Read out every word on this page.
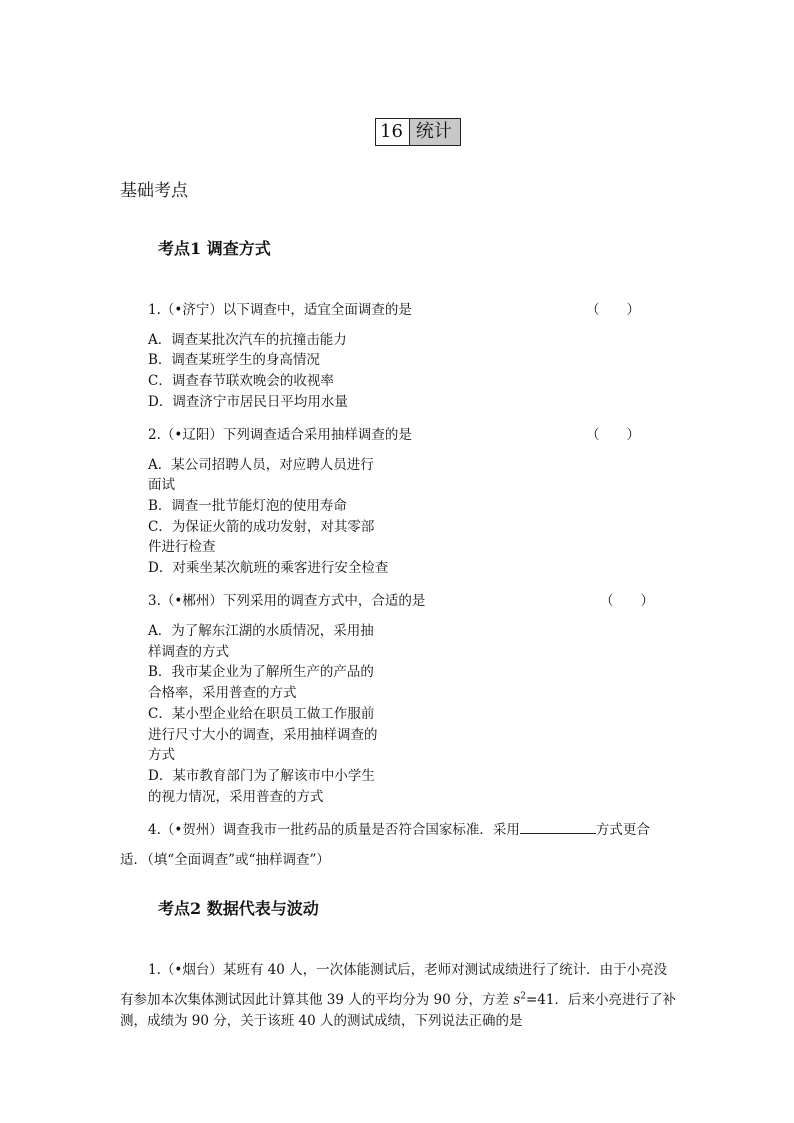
16 统计
基础考点
考点1 调查方式
1.（•济宁）以下调查中，适宜全面调查的是	（　　）
A．调查某批次汽车的抗撞击能力
B．调查某班学生的身高情况
C．调查春节联欢晚会的收视率
D．调查济宁市居民日平均用水量
2.（•辽阳）下列调查适合采用抽样调查的是	（　　）
A．某公司招聘人员，对应聘人员进行
面试
B．调查一批节能灯泡的使用寿命
C．为保证火箭的成功发射，对其零部
件进行检查
D．对乘坐某次航班的乘客进行安全检查
3.（•郴州）下列采用的调查方式中，合适的是	（　　）
A．为了解东江湖的水质情况，采用抽
样调查的方式
B．我市某企业为了解所生产的产品的
合格率，采用普查的方式
C．某小型企业给在职员工做工作服前
进行尺寸大小的调查，采用抽样调查的
方式
D．某市教育部门为了解该市中小学生
的视力情况，采用普查的方式
4.（•贺州）调查我市一批药品的质量是否符合国家标准．采用	方式更合
适．（填“全面调查”或“抽样调查”）
考点2 数据代表与波动
1.（•烟台）某班有 40 人，一次体能测试后，老师对测试成绩进行了统计．由于小亮没
有参加本次集体测试因此计算其他 39 人的平均分为 90 分，方差 $s^2=41$．后来小亮进行了补
测，成绩为 90 分，关于该班 40 人的测试成绩，下列说法正确的是
